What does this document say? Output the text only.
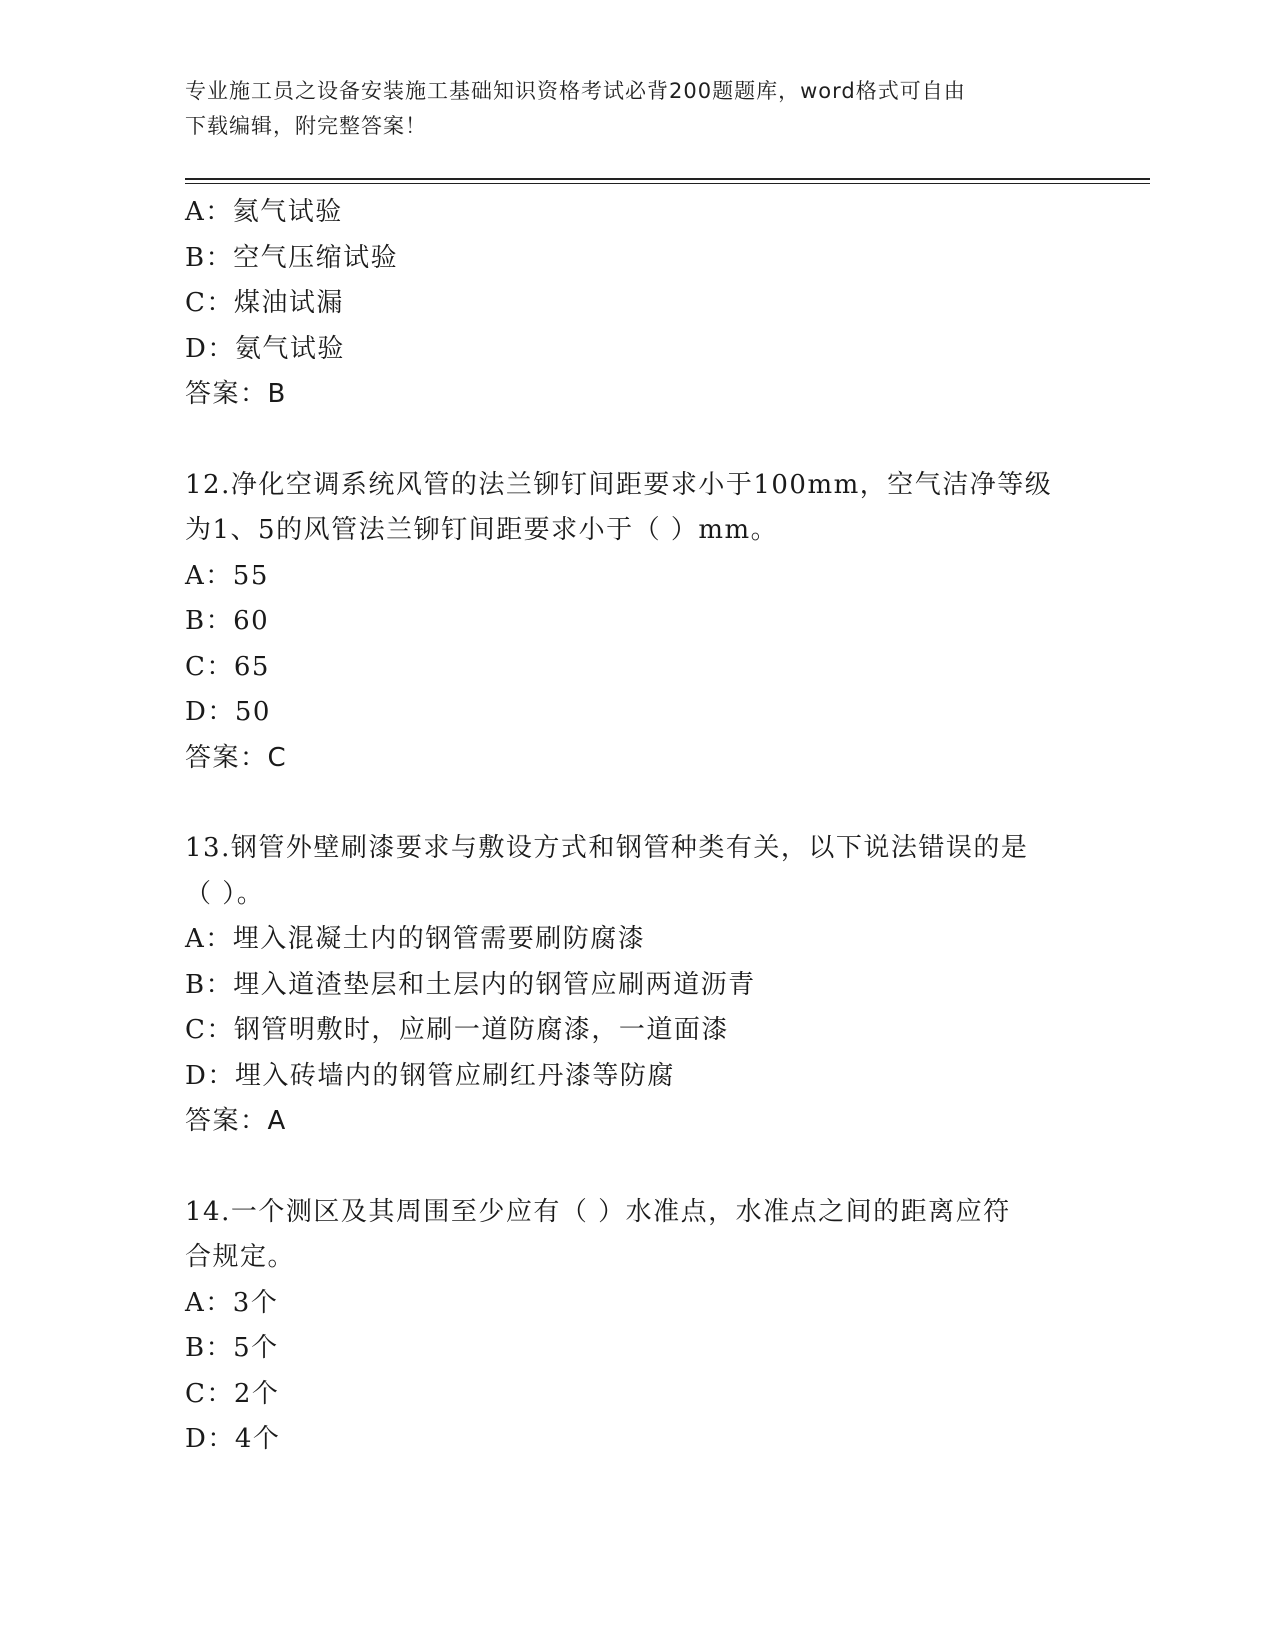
专业施工员之设备安装施工基础知识资格考试必背200题题库，word格式可自由
下载编辑，附完整答案！
A：氦气试验
B：空气压缩试验
C：煤油试漏
D：氨气试验
答案：B
12.净化空调系统风管的法兰铆钉间距要求小于100mm，空气洁净等级
为1、5的风管法兰铆钉间距要求小于（ ）mm。
A：55
B：60
C：65
D：50
答案：C
13.钢管外壁刷漆要求与敷设方式和钢管种类有关，以下说法错误的是
（ ）。
A：埋入混凝土内的钢管需要刷防腐漆
B：埋入道渣垫层和土层内的钢管应刷两道沥青
C：钢管明敷时，应刷一道防腐漆，一道面漆
D：埋入砖墙内的钢管应刷红丹漆等防腐
答案：A
14.一个测区及其周围至少应有（ ）水准点，水准点之间的距离应符
合规定。
A：3个
B：5个
C：2个
D：4个
